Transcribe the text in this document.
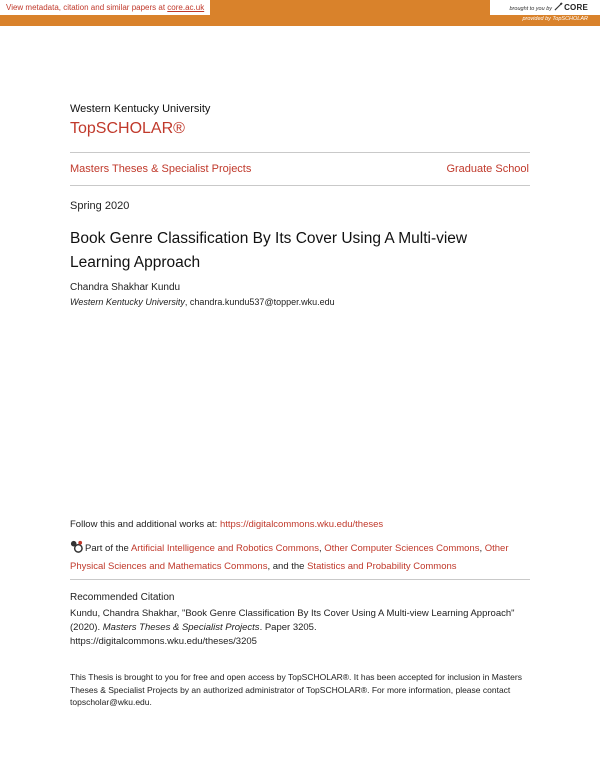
View metadata, citation and similar papers at core.ac.uk	brought to you by CORE
provided by TopSCHOLAR
Western Kentucky University
TopSCHOLAR®
Masters Theses & Specialist Projects	Graduate School
Spring 2020
Book Genre Classification By Its Cover Using A Multi-view Learning Approach
Chandra Shakhar Kundu
Western Kentucky University, chandra.kundu537@topper.wku.edu
Follow this and additional works at: https://digitalcommons.wku.edu/theses
Part of the Artificial Intelligence and Robotics Commons, Other Computer Sciences Commons, Other Physical Sciences and Mathematics Commons, and the Statistics and Probability Commons
Recommended Citation
Kundu, Chandra Shakhar, "Book Genre Classification By Its Cover Using A Multi-view Learning Approach" (2020). Masters Theses & Specialist Projects. Paper 3205.
https://digitalcommons.wku.edu/theses/3205
This Thesis is brought to you for free and open access by TopSCHOLAR®. It has been accepted for inclusion in Masters Theses & Specialist Projects by an authorized administrator of TopSCHOLAR®. For more information, please contact topscholar@wku.edu.
